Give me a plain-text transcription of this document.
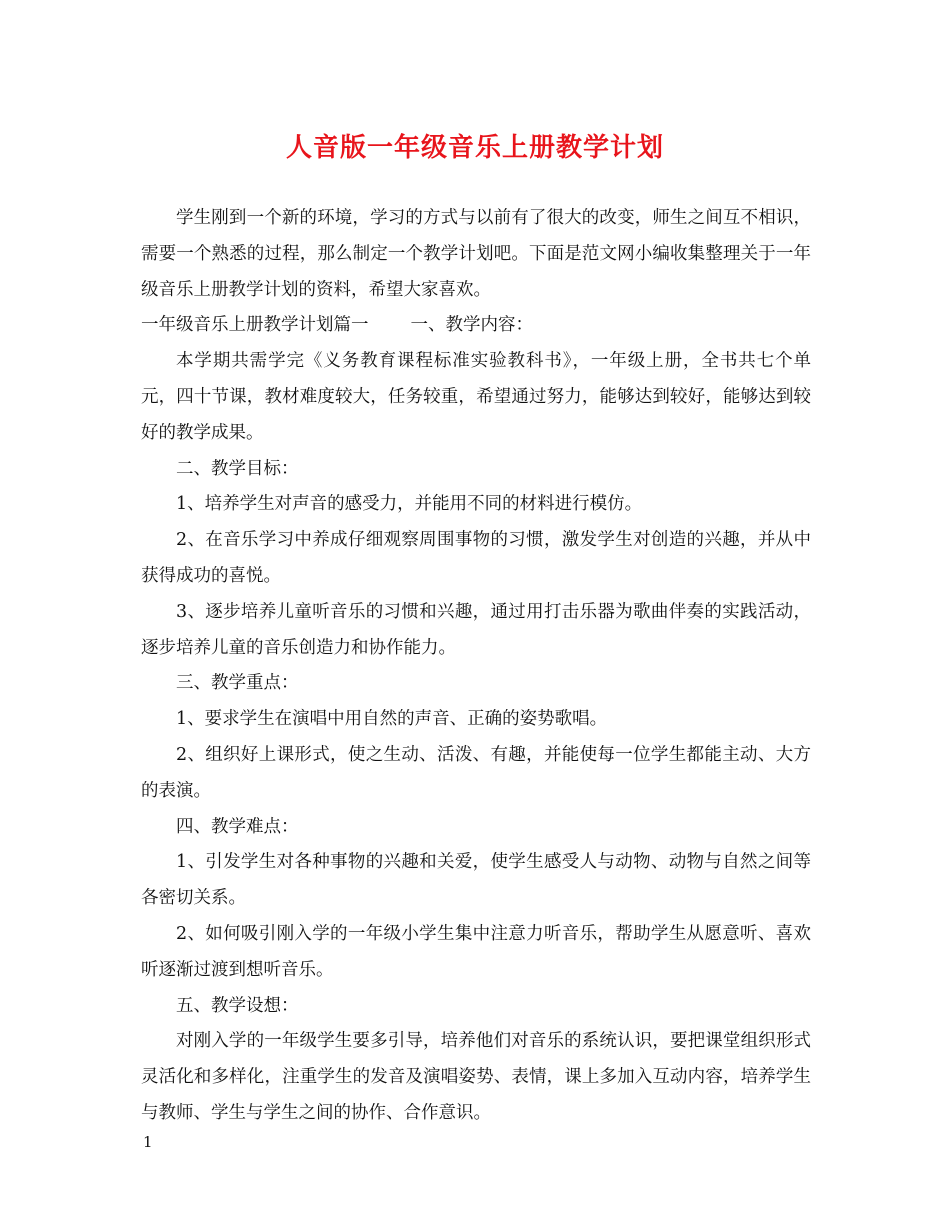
人音版一年级音乐上册教学计划

学生刚到一个新的环境，学习的方式与以前有了很大的改变，师生之间互不相识，需要一个熟悉的过程，那么制定一个教学计划吧。下面是范文网小编收集整理关于一年级音乐上册教学计划的资料，希望大家喜欢。

一年级音乐上册教学计划篇一 一、教学内容：

本学期共需学完《义务教育课程标准实验教科书》，一年级上册，全书共七个单元，四十节课，教材难度较大，任务较重，希望通过努力，能够达到较好，能够达到较好的教学成果。

二、教学目标：

1、培养学生对声音的感受力，并能用不同的材料进行模仿。

2、在音乐学习中养成仔细观察周围事物的习惯，激发学生对创造的兴趣，并从中获得成功的喜悦。

3、逐步培养儿童听音乐的习惯和兴趣，通过用打击乐器为歌曲伴奏的实践活动，逐步培养儿童的音乐创造力和协作能力。

三、教学重点：

1、要求学生在演唱中用自然的声音、正确的姿势歌唱。

2、组织好上课形式，使之生动、活泼、有趣，并能使每一位学生都能主动、大方的表演。

四、教学难点：

1、引发学生对各种事物的兴趣和关爱，使学生感受人与动物、动物与自然之间等各密切关系。

2、如何吸引刚入学的一年级小学生集中注意力听音乐，帮助学生从愿意听、喜欢听逐渐过渡到想听音乐。

五、教学设想：

对刚入学的一年级学生要多引导，培养他们对音乐的系统认识，要把课堂组织形式灵活化和多样化，注重学生的发音及演唱姿势、表情，课上多加入互动内容，培养学生与教师、学生与学生之间的协作、合作意识。

1
